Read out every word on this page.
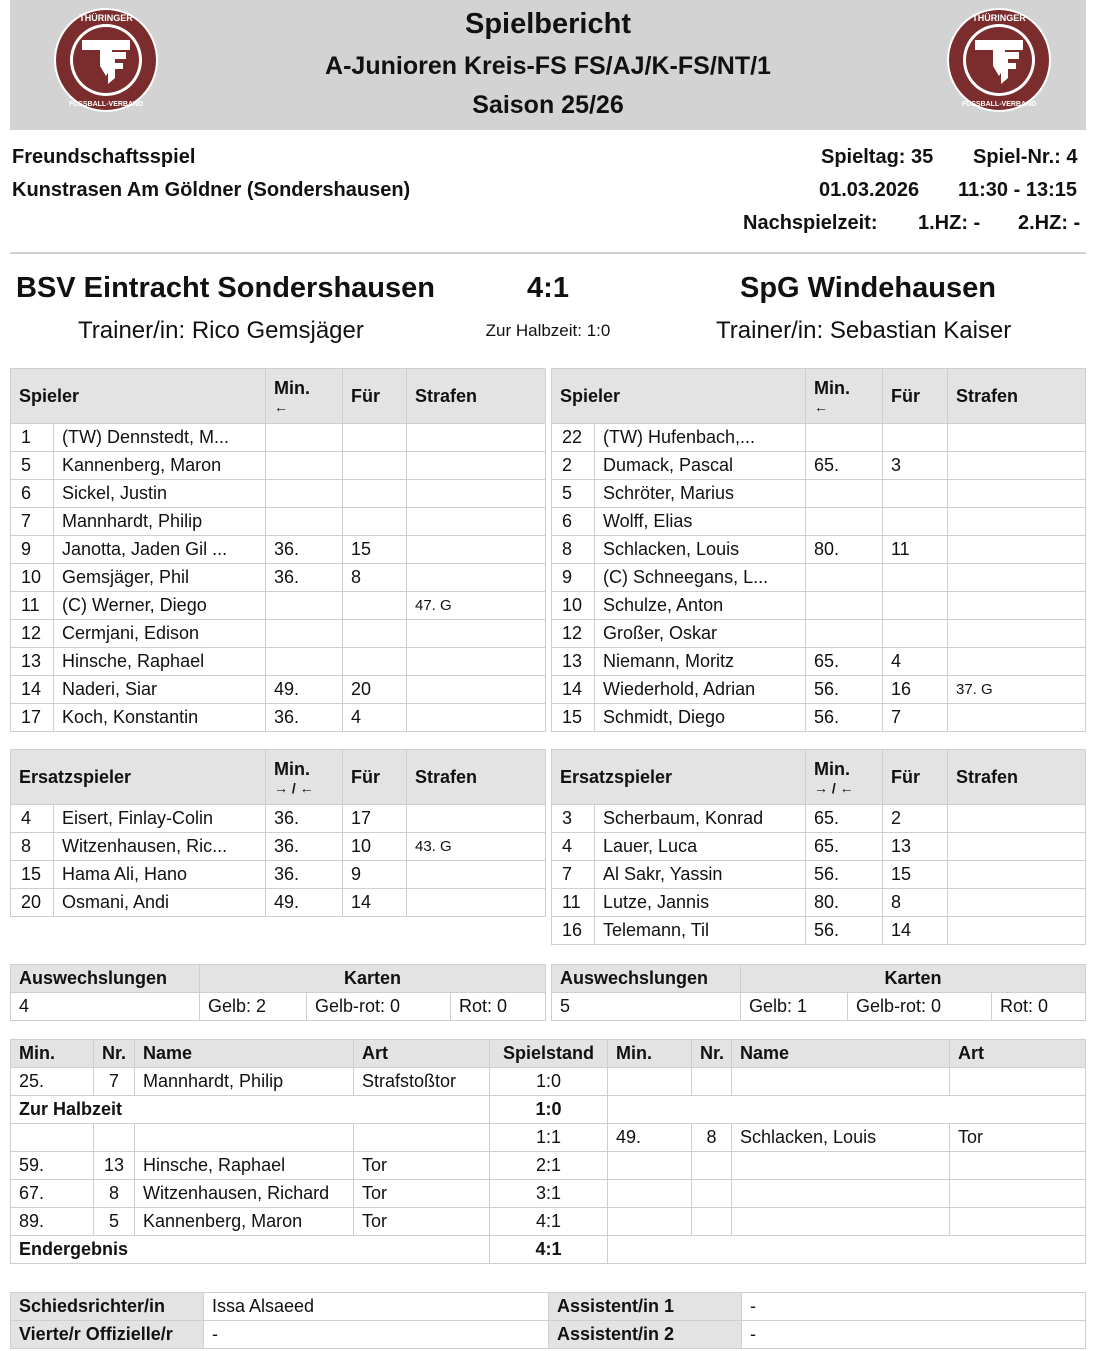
THÜRINGER
FUSSBALL-VERBAND
Spielbericht
A-Junioren Kreis-FS FS/AJ/K-FS/NT/1
Saison 25/26
THÜRINGER
FUSSBALL-VERBAND
Freundschaftsspiel
Kunstrasen Am Göldner (Sondershausen)
Spieltag: 35 Spiel-Nr.: 4
01.03.2026 11:30 - 13:15
Nachspielzeit: 1.HZ: - 2.HZ: -
BSV Eintracht Sondershausen	4:1	SpG Windehausen
Trainer/in: Rico Gemsjäger	Zur Halbzeit: 1:0	Trainer/in: Sebastian Kaiser
Spieler		Min.
←	Für	Strafen
1	(TW) Dennstedt, M...			
5	Kannenberg, Maron			
6	Sickel, Justin			
7	Mannhardt, Philip			
9	Janotta, Jaden Gil ...	36.	15	
10	Gemsjäger, Phil	36.	8	
11	(C) Werner, Diego			47. G
12	Cermjani, Edison			
13	Hinsche, Raphael			
14	Naderi, Siar	49.	20	
17	Koch, Konstantin	36.	4	
Spieler		Min.
←	Für	Strafen
22	(TW) Hufenbach,...			
2	Dumack, Pascal	65.	3	
5	Schröter, Marius			
6	Wolff, Elias			
8	Schlacken, Louis	80.	11	
9	(C) Schneegans, L...			
10	Schulze, Anton			
12	Großer, Oskar			
13	Niemann, Moritz	65.	4	
14	Wiederhold, Adrian	56.	16	37. G
15	Schmidt, Diego	56.	7	
Ersatzspieler		Min.
→ / ←	Für	Strafen
4	Eisert, Finlay-Colin	36.	17	
8	Witzenhausen, Ric...	36.	10	43. G
15	Hama Ali, Hano	36.	9	
20	Osmani, Andi	49.	14	
Ersatzspieler		Min.
→ / ←	Für	Strafen
3	Scherbaum, Konrad	65.	2	
4	Lauer, Luca	65.	13	
7	Al Sakr, Yassin	56.	15	
11	Lutze, Jannis	80.	8	
16	Telemann, Til	56.	14	
Auswechslungen	Karten		
4	Gelb: 2	Gelb-rot: 0	Rot: 0
Auswechslungen	Karten		
5	Gelb: 1	Gelb-rot: 0	Rot: 0
Min.	Nr.	Name	Art	Spielstand	Min.	Nr.	Name	Art
25.	7	Mannhardt, Philip	Strafstoßtor	1:0				
Zur Halbzeit				1:0				
				1:1	49.	8	Schlacken, Louis	Tor
59.	13	Hinsche, Raphael	Tor	2:1				
67.	8	Witzenhausen, Richard	Tor	3:1				
89.	5	Kannenberg, Maron	Tor	4:1				
Endergebnis				4:1				
Schiedsrichter/in	Issa Alsaeed	Assistent/in 1	-
Vierte/r Offizielle/r	-	Assistent/in 2	-
